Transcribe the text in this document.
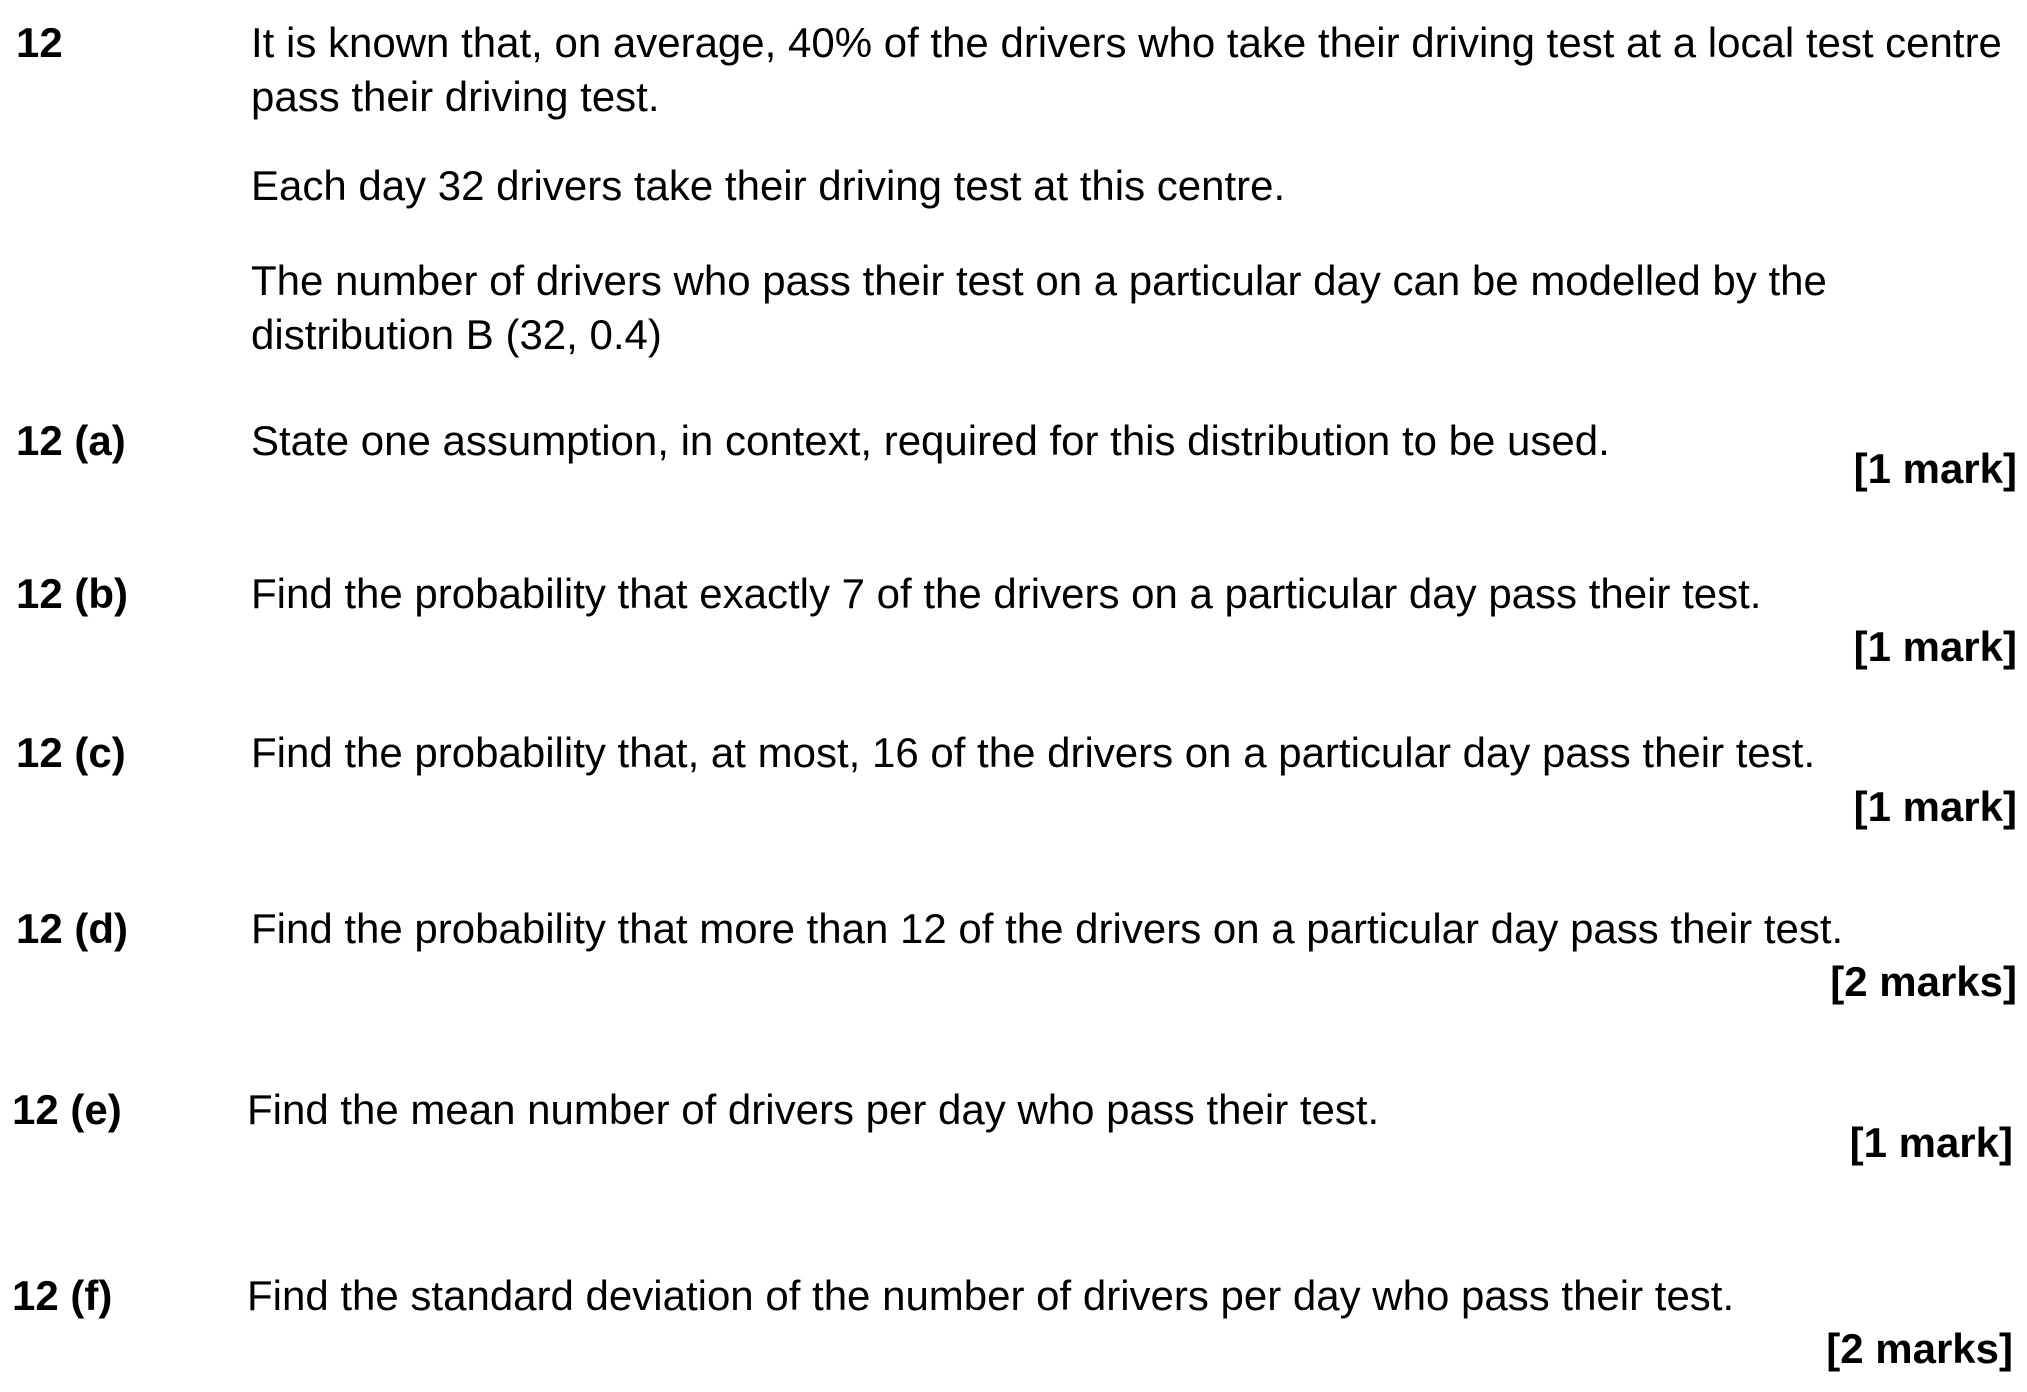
12	It is known that, on average, 40% of the drivers who take their driving test at a local test centre pass their driving test.
Each day 32 drivers take their driving test at this centre.
The number of drivers who pass their test on a particular day can be modelled by the distribution B (32, 0.4)
12 (a)	State one assumption, in context, required for this distribution to be used.
[1 mark]
12 (b)	Find the probability that exactly 7 of the drivers on a particular day pass their test.
[1 mark]
12 (c)	Find the probability that, at most, 16 of the drivers on a particular day pass their test.
[1 mark]
12 (d)	Find the probability that more than 12 of the drivers on a particular day pass their test.
[2 marks]
12 (e)	Find the mean number of drivers per day who pass their test.
[1 mark]
12 (f)	Find the standard deviation of the number of drivers per day who pass their test.
[2 marks]
